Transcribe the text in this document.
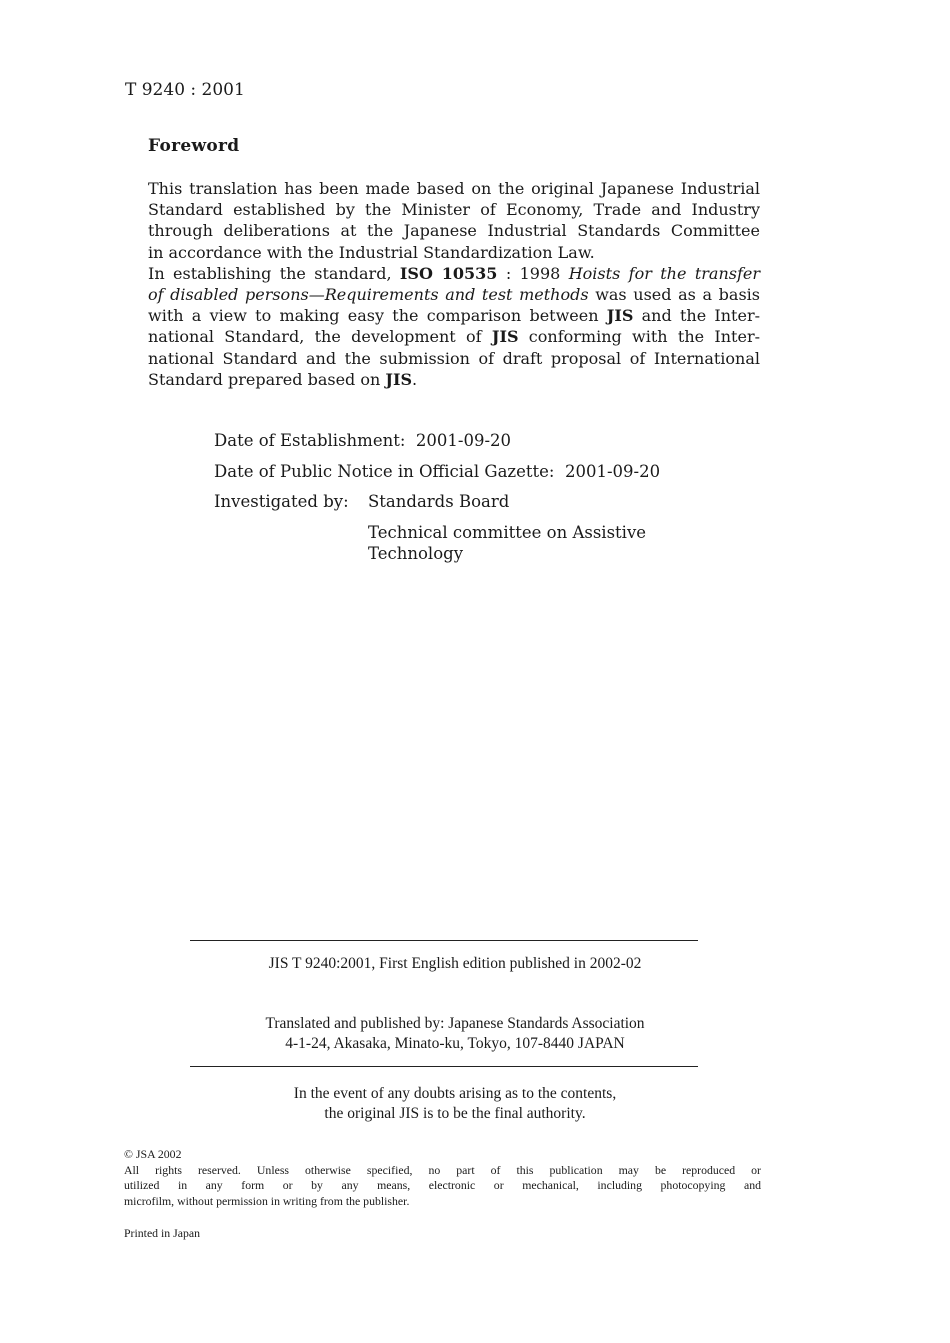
T 9240 : 2001
Foreword
This translation has been made based on the original Japanese Industrial
Standard established by the Minister of Economy, Trade and Industry
through deliberations at the Japanese Industrial Standards Committee
in accordance with the Industrial Standardization Law.
In establishing the standard, ISO 10535 : 1998 Hoists for the transfer
of disabled persons—Requirements and test methods was used as a basis
with a view to making easy the comparison between JIS and the Inter-
national Standard, the development of JIS conforming with the Inter-
national Standard and the submission of draft proposal of International
Standard prepared based on JIS.
Date of Establishment: 2001-09-20
Date of Public Notice in Official Gazette: 2001-09-20
Investigated by: Standards Board
Technical committee on Assistive
Technology
JIS T 9240:2001, First English edition published in 2002-02
Translated and published by: Japanese Standards Association
4-1-24, Akasaka, Minato-ku, Tokyo, 107-8440 JAPAN
In the event of any doubts arising as to the contents,
the original JIS is to be the final authority.
© JSA 2002
All rights reserved. Unless otherwise specified, no part of this publication may be reproduced or
utilized in any form or by any means, electronic or mechanical, including photocopying and
microfilm, without permission in writing from the publisher.
Printed in Japan
